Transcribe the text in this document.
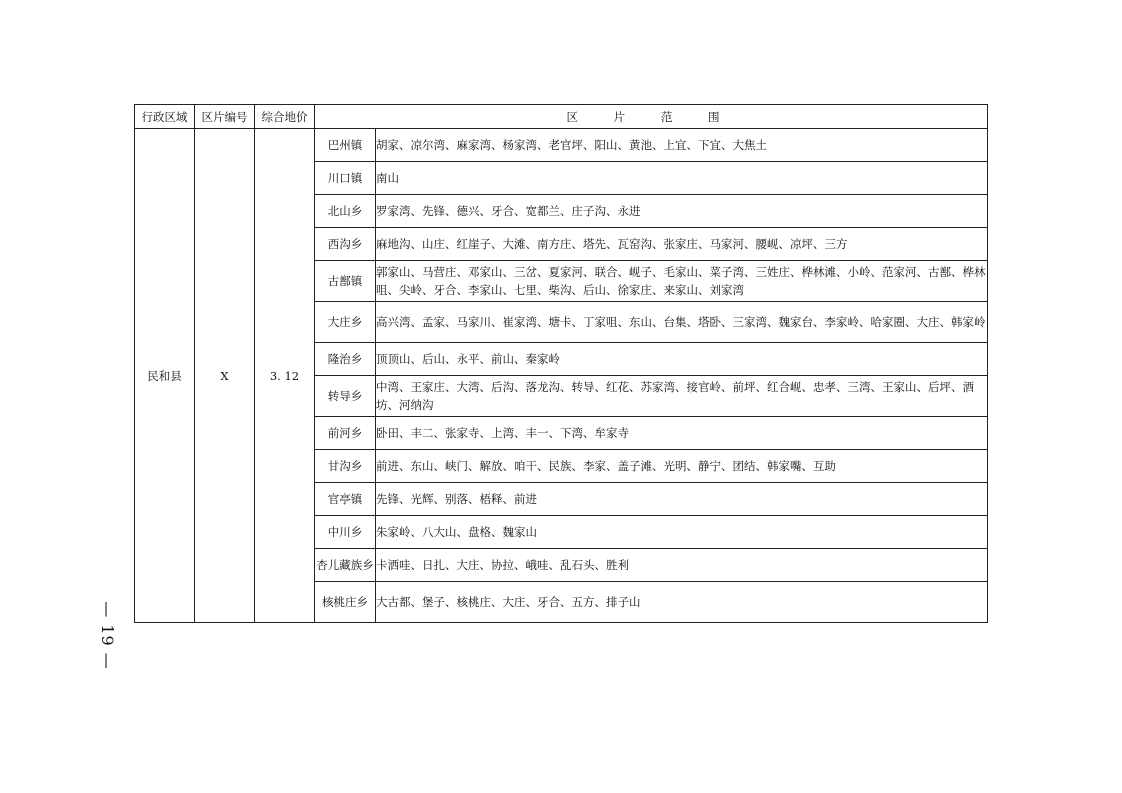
— 19 —
行政区域	区片编号	综合地价	区 片 范 围	
民和县	X	3. 12	巴州镇	胡家、凉尔湾、麻家湾、杨家湾、老官坪、阳山、黄池、上宜、下宜、大焦土
			川口镇	南山
			北山乡	罗家湾、先锋、德兴、牙合、宽都兰、庄子沟、永进
			西沟乡	麻地沟、山庄、红崖子、大滩、南方庄、塔先、瓦窑沟、张家庄、马家河、腰岘、凉坪、三方
			古鄯镇	郭家山、马营庄、邓家山、三岔、夏家河、联合、岘子、毛家山、菜子湾、三姓庄、桦林滩、小岭、范家河、古鄯、桦林咀、尖岭、牙合、李家山、七里、柴沟、后山、徐家庄、来家山、刘家湾
			大庄乡	高兴湾、孟家、马家川、崔家湾、塘卡、丁家咀、东山、台集、塔卧、三家湾、魏家台、李家岭、哈家圈、大庄、韩家岭
			隆治乡	顶顶山、后山、永平、前山、秦家岭
			转导乡	中湾、王家庄、大湾、后沟、落龙沟、转导、红花、苏家湾、接官岭、前坪、红合岘、忠孝、三湾、王家山、后坪、酒坊、河纳沟
			前河乡	卧田、丰二、张家寺、上湾、丰一、下湾、牟家寺
			甘沟乡	前进、东山、峡门、解放、咱干、民族、李家、盖子滩、光明、静宁、团结、韩家嘴、互助
			官亭镇	先锋、光辉、别落、梧释、前进
			中川乡	朱家岭、八大山、盘格、魏家山
			杏儿藏族乡	卡洒哇、日扎、大庄、协拉、峨哇、乱石头、胜利
			核桃庄乡	大古都、堡子、核桃庄、大庄、牙合、五方、排子山
